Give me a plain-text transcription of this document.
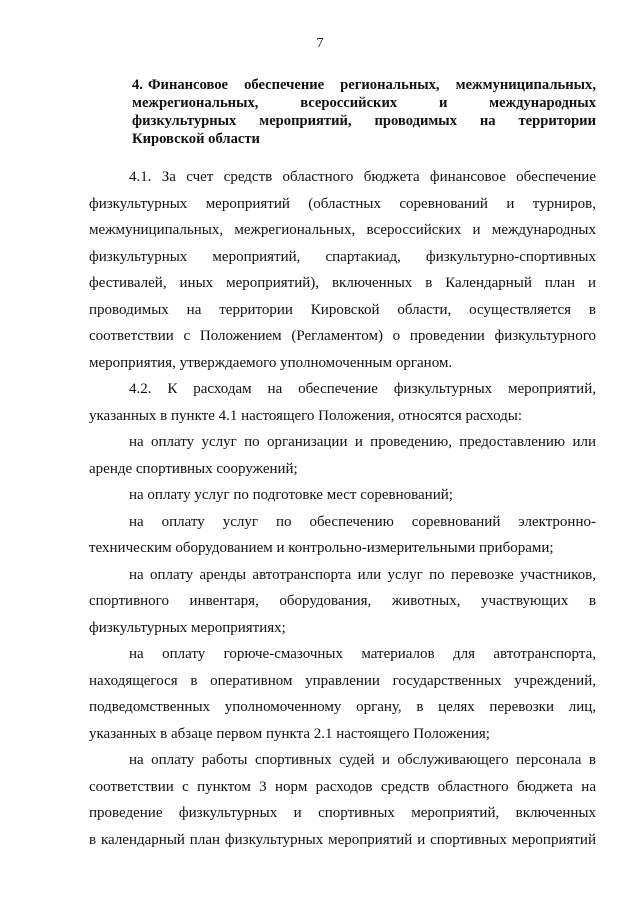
7
4. Финансовое обеспечение региональных, межмуниципальных,
межрегиональных, всероссийских и международных
физкультурных мероприятий, проводимых на территории
Кировской области
4.1. За счет средств областного бюджета финансовое обеспечение
физкультурных мероприятий (областных соревнований и турниров,
межмуниципальных, межрегиональных, всероссийских и международных
физкультурных мероприятий, спартакиад, физкультурно-спортивных
фестивалей, иных мероприятий), включенных в Календарный план и
проводимых на территории Кировской области, осуществляется в
соответствии с Положением (Регламентом) о проведении физкультурного
мероприятия, утверждаемого уполномоченным органом.
4.2. К расходам на обеспечение физкультурных мероприятий,
указанных в пункте 4.1 настоящего Положения, относятся расходы:
на оплату услуг по организации и проведению, предоставлению или
аренде спортивных сооружений;
на оплату услуг по подготовке мест соревнований;
на оплату услуг по обеспечению соревнований электронно-
техническим оборудованием и контрольно-измерительными приборами;
на оплату аренды автотранспорта или услуг по перевозке участников,
спортивного инвентаря, оборудования, животных, участвующих в
физкультурных мероприятиях;
на оплату горюче-смазочных материалов для автотранспорта,
находящегося в оперативном управлении государственных учреждений,
подведомственных уполномоченному органу, в целях перевозки лиц,
указанных в абзаце первом пункта 2.1 настоящего Положения;
на оплату работы спортивных судей и обслуживающего персонала в
соответствии с пунктом 3 норм расходов средств областного бюджета на
проведение физкультурных и спортивных мероприятий, включенных
в календарный план физкультурных мероприятий и спортивных мероприятий
